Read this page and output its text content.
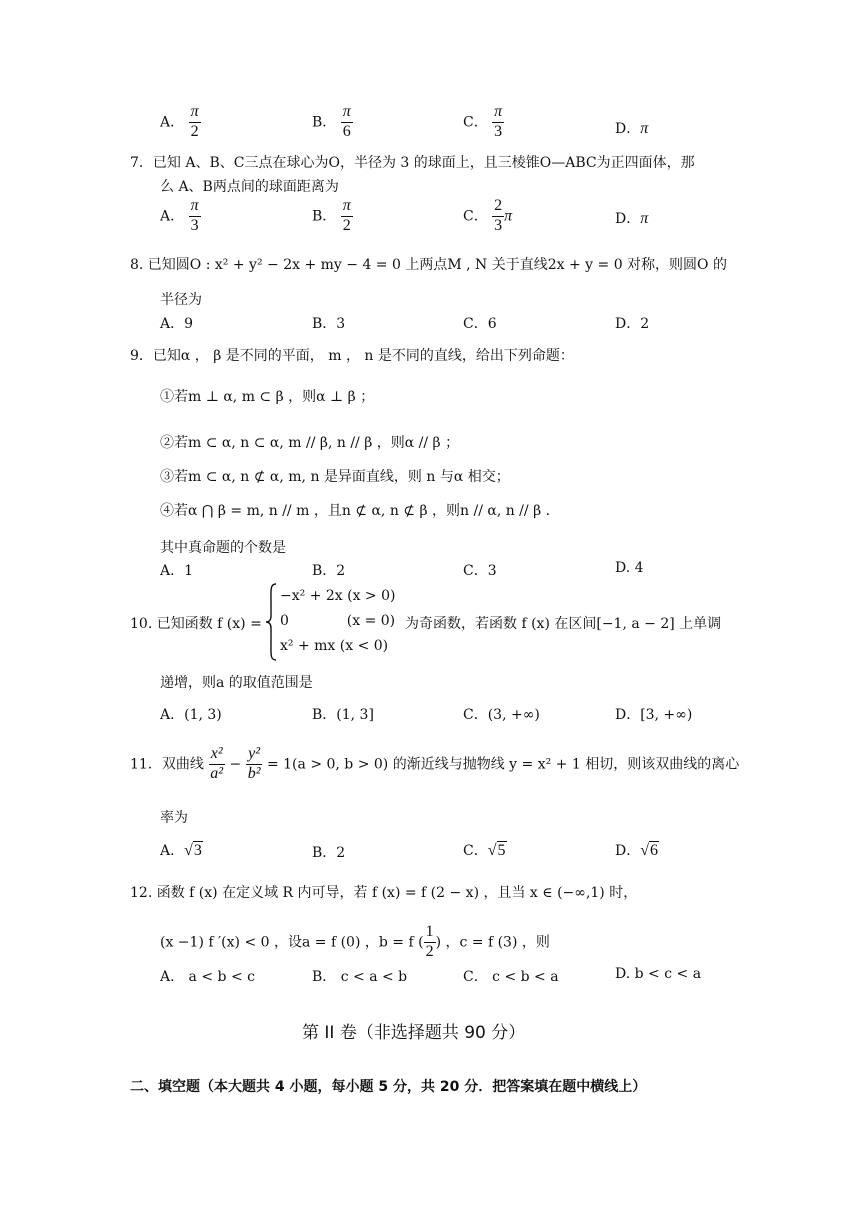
A． $\frac{\pi}{2}$	B． $\frac{\pi}{6}$	C． $\frac{\pi}{3}$	D．π
7．已知 A、B、C三点在球心为O，半径为 3 的球面上，且三棱锥O—ABC为正四面体，那
么 A、B两点间的球面距离为
A． $\frac{\pi}{3}$	B． $\frac{\pi}{2}$	C． $\frac{2}{3}$ π	D．π
8. 已知圆O : x² + y² − 2x + my − 4 = 0 上两点M , N 关于直线2x + y = 0 对称，则圆O 的
半径为
A．9	B．3	C．6	D．2
9．已知α ， β 是不同的平面， m ， n 是不同的直线，给出下列命题：
①若m ⊥ α, m ⊂ β ，则α ⊥ β ；
②若m ⊂ α, n ⊂ α, m // β, n // β ，则α // β ；
③若m ⊂ α, n ⊄ α, m, n 是异面直线，则 n 与α 相交；
④若α ⋂ β = m, n // m ，且n ⊄ α, n ⊄ β ，则n // α, n // β .
其中真命题的个数是
A．1	B．2	C．3	D. 4
10. 已知函数 f (x) =
−x² + 2x (x > 0)
0             (x = 0)
x² + mx (x < 0)
为奇函数，若函数 f (x) 在区间[−1, a − 2] 上单调
递增，则a 的取值范围是
A．(1, 3)	B．(1, 3]	C．(3, +∞)	D．[3, +∞)
11．双曲线 $\frac{\text{x²}}{\text{a²}} - \frac{\text{y²}}{\text{b²}} = 1(a > 0$, b > 0) 的渐近线与抛物线 y = x² + 1 相切，则该双曲线的离心
率为
A．√3	B．2	C．√5	D．√6
12. 函数 f (x) 在定义域 R 内可导，若 f (x) = f (2 − x) ，且当 x ∈ (−∞,1) 时，
(x −1) f ′(x) < 0 ，设a = f (0) ，b = f ( $\frac{1}{2}$ ) ，c = f (3) ，则
A． a < b < c	B． c < a < b	C． c < b < a	D. b < c < a
第 II 卷（非选择题共 90 分）
二、填空题（本大题共 4 小题，每小题 5 分，共 20 分．把答案填在题中横线上）
